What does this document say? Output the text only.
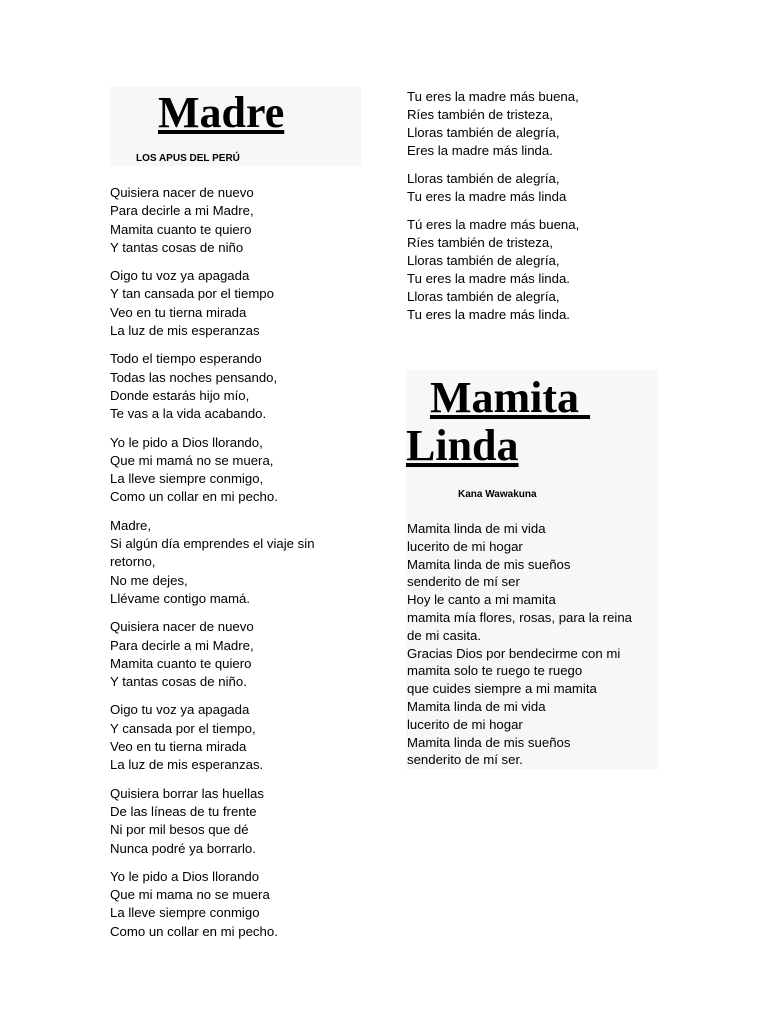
Madre
LOS APUS DEL PERÚ
Quisiera nacer de nuevo
Para decirle a mi Madre,
Mamita cuanto te quiero
Y tantas cosas de niño
Oigo tu voz ya apagada
Y tan cansada por el tiempo
Veo en tu tierna mirada
La luz de mis esperanzas
Todo el tiempo esperando
Todas las noches pensando,
Donde estarás hijo mío,
Te vas a la vida acabando.
Yo le pido a Dios llorando,
Que mi mamá no se muera,
La lleve siempre conmigo,
Como un collar en mi pecho.
Madre,
Si algún día emprendes el viaje sin
retorno,
No me dejes,
Llévame contigo mamá.
Quisiera nacer de nuevo
Para decirle a mi Madre,
Mamita cuanto te quiero
Y tantas cosas de niño.
Oigo tu voz ya apagada
Y cansada por el tiempo,
Veo en tu tierna mirada
La luz de mis esperanzas.
Quisiera borrar las huellas
De las líneas de tu frente
Ni por mil besos que dé
Nunca podré ya borrarlo.
Yo le pido a Dios llorando
Que mi mama no se muera
La lleve siempre conmigo
Como un collar en mi pecho.
Tu eres la madre más buena,
Ríes también de tristeza,
Lloras también de alegría,
Eres la madre más linda.
Lloras también de alegría,
Tu eres la madre más linda
Tú eres la madre más buena,
Ríes también de tristeza,
Lloras también de alegría,
Tu eres la madre más linda.
Lloras también de alegría,
Tu eres la madre más linda.
Mamita
Linda
Kana Wawakuna
Mamita linda de mi vida
lucerito de mi hogar
Mamita linda de mis sueños
senderito de mí ser
Hoy le canto a mi mamita
mamita mía flores, rosas, para la reina
de mi casita.
Gracias Dios por bendecirme con mi
mamita solo te ruego te ruego
que cuides siempre a mi mamita
Mamita linda de mi vida
lucerito de mi hogar
Mamita linda de mis sueños
senderito de mí ser.
